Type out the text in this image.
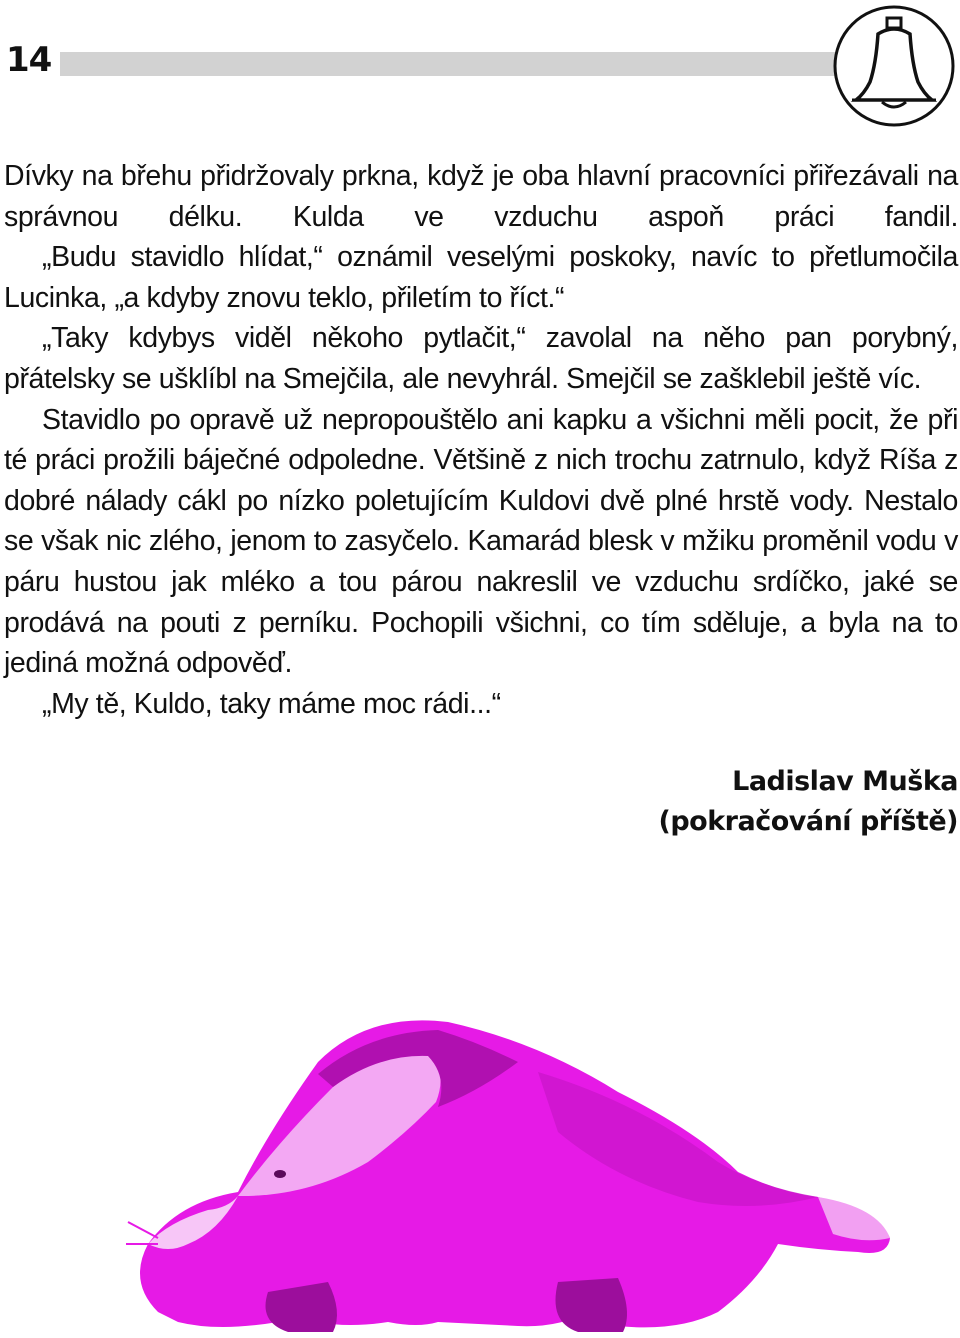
14

Dívky na břehu přidržovaly prkna, když je oba hlavní pracovníci přiřezávali na správnou délku. Kulda ve vzduchu aspoň práci fandil.

„Budu stavidlo hlídat,“ oznámil veselými poskoky, navíc to přetlumočila Lucinka, „a kdyby znovu teklo, přiletím to říct.“

„Taky kdybys viděl někoho pytlačit,“ zavolal na něho pan porybný, přátelsky se ušklíbl na Smejčila, ale nevyhrál. Smejčil se zašklebil ještě víc.

Stavidlo po opravě už nepropouštělo ani kapku a všichni měli pocit, že při té práci prožili báječné odpoledne. Většině z nich trochu zatrnulo, když Ríša z dobré nálady cákl po nízko poletujícím Kuldovi dvě plné hrstě vody. Nestalo se však nic zlého, jenom to zasyčelo. Kamarád blesk v mžiku proměnil vodu v páru hustou jak mléko a tou párou nakreslil ve vzduchu srdíčko, jaké se prodává na pouti z perníku. Pochopili všichni, co tím sděluje, a byla na to jediná možná odpověď.

„My tě, Kuldo, taky máme moc rádi...“

Ladislav Muška
(pokračování příště)
